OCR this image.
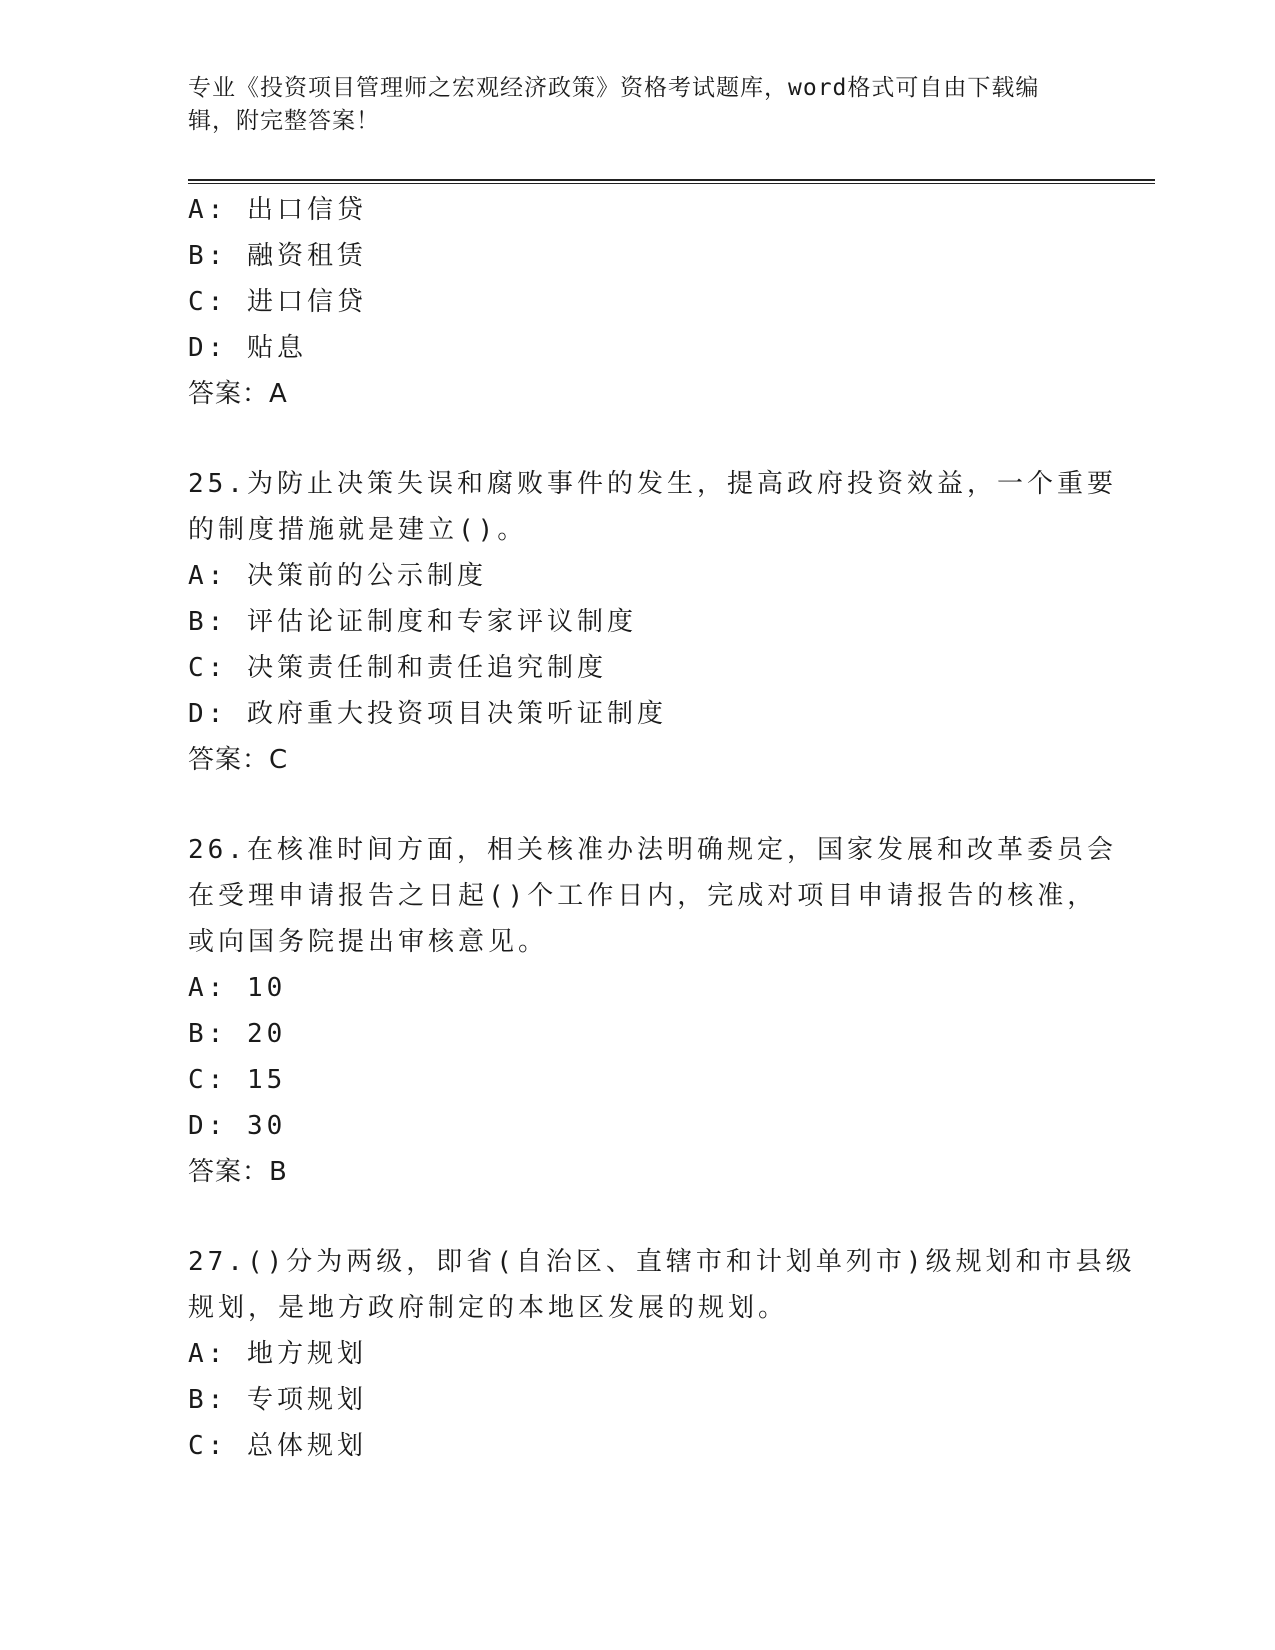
专业《投资项目管理师之宏观经济政策》资格考试题库，word格式可自由下载编
辑，附完整答案！
A: 出口信贷
B: 融资租赁
C: 进口信贷
D: 贴息
答案：A
25.为防止决策失误和腐败事件的发生，提高政府投资效益，一个重要
的制度措施就是建立()。
A: 决策前的公示制度
B: 评估论证制度和专家评议制度
C: 决策责任制和责任追究制度
D: 政府重大投资项目决策听证制度
答案：C
26.在核准时间方面，相关核准办法明确规定，国家发展和改革委员会
在受理申请报告之日起()个工作日内，完成对项目申请报告的核准，
或向国务院提出审核意见。
A: 10
B: 20
C: 15
D: 30
答案：B
27.()分为两级，即省(自治区、直辖市和计划单列市)级规划和市县级
规划，是地方政府制定的本地区发展的规划。
A: 地方规划
B: 专项规划
C: 总体规划
